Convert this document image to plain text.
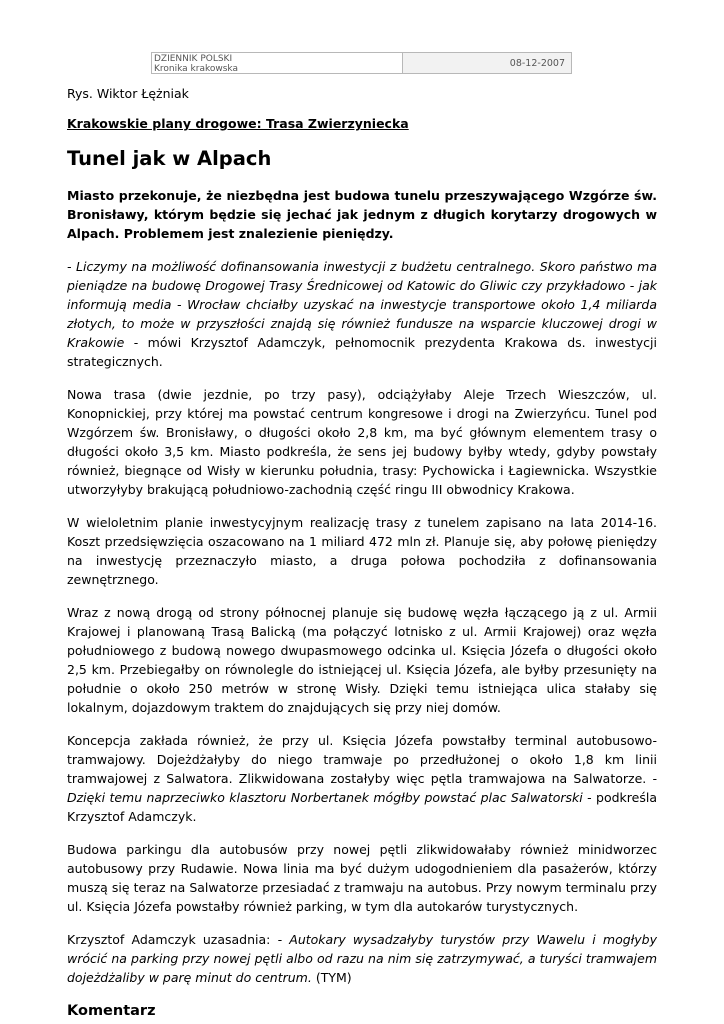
DZIENNIK POLSKI
Kronika krakowska
08-12-2007

Rys. Wiktor Łężniak

Krakowskie plany drogowe: Trasa Zwierzyniecka

Tunel jak w Alpach

Miasto przekonuje, że niezbędna jest budowa tunelu przeszywającego Wzgórze św. Bronisławy, którym będzie się jechać jak jednym z długich korytarzy drogowych w Alpach. Problemem jest znalezienie pieniędzy.

- Liczymy na możliwość dofinansowania inwestycji z budżetu centralnego. Skoro państwo ma pieniądze na budowę Drogowej Trasy Średnicowej od Katowic do Gliwic czy przykładowo - jak informują media - Wrocław chciałby uzyskać na inwestycje transportowe około 1,4 miliarda złotych, to może w przyszłości znajdą się również fundusze na wsparcie kluczowej drogi w Krakowie - mówi Krzysztof Adamczyk, pełnomocnik prezydenta Krakowa ds. inwestycji strategicznych.

Nowa trasa (dwie jezdnie, po trzy pasy), odciążyłaby Aleje Trzech Wieszczów, ul. Konopnickiej, przy której ma powstać centrum kongresowe i drogi na Zwierzyńcu. Tunel pod Wzgórzem św. Bronisławy, o długości około 2,8 km, ma być głównym elementem trasy o długości około 3,5 km. Miasto podkreśla, że sens jej budowy byłby wtedy, gdyby powstały również, biegnące od Wisły w kierunku południa, trasy: Pychowicka i Łagiewnicka. Wszystkie utworzyłyby brakującą południowo-zachodnią część ringu III obwodnicy Krakowa.

W wieloletnim planie inwestycyjnym realizację trasy z tunelem zapisano na lata 2014-16. Koszt przedsięwzięcia oszacowano na 1 miliard 472 mln zł. Planuje się, aby połowę pieniędzy na inwestycję przeznaczyło miasto, a druga połowa pochodziła z dofinansowania zewnętrznego.

Wraz z nową drogą od strony północnej planuje się budowę węzła łączącego ją z ul. Armii Krajowej i planowaną Trasą Balicką (ma połączyć lotnisko z ul. Armii Krajowej) oraz węzła południowego z budową nowego dwupasmowego odcinka ul. Księcia Józefa o długości około 2,5 km. Przebiegałby on równolegle do istniejącej ul. Księcia Józefa, ale byłby przesunięty na południe o około 250 metrów w stronę Wisły. Dzięki temu istniejąca ulica stałaby się lokalnym, dojazdowym traktem do znajdujących się przy niej domów.

Koncepcja zakłada również, że przy ul. Księcia Józefa powstałby terminal autobusowo-tramwajowy. Dojeżdżałyby do niego tramwaje po przedłużonej o około 1,8 km linii tramwajowej z Salwatora. Zlikwidowana zostałyby więc pętla tramwajowa na Salwatorze. - Dzięki temu naprzeciwko klasztoru Norbertanek mógłby powstać plac Salwatorski - podkreśla Krzysztof Adamczyk.

Budowa parkingu dla autobusów przy nowej pętli zlikwidowałaby również minidworzec autobusowy przy Rudawie. Nowa linia ma być dużym udogodnieniem dla pasażerów, którzy muszą się teraz na Salwatorze przesiadać z tramwaju na autobus. Przy nowym terminalu przy ul. Księcia Józefa powstałby również parking, w tym dla autokarów turystycznych.

Krzysztof Adamczyk uzasadnia: - Autokary wysadzałyby turystów przy Wawelu i mogłyby wrócić na parking przy nowej pętli albo od razu na nim się zatrzymywać, a turyści tramwajem dojeżdżaliby w parę minut do centrum. (TYM)

Komentarz
